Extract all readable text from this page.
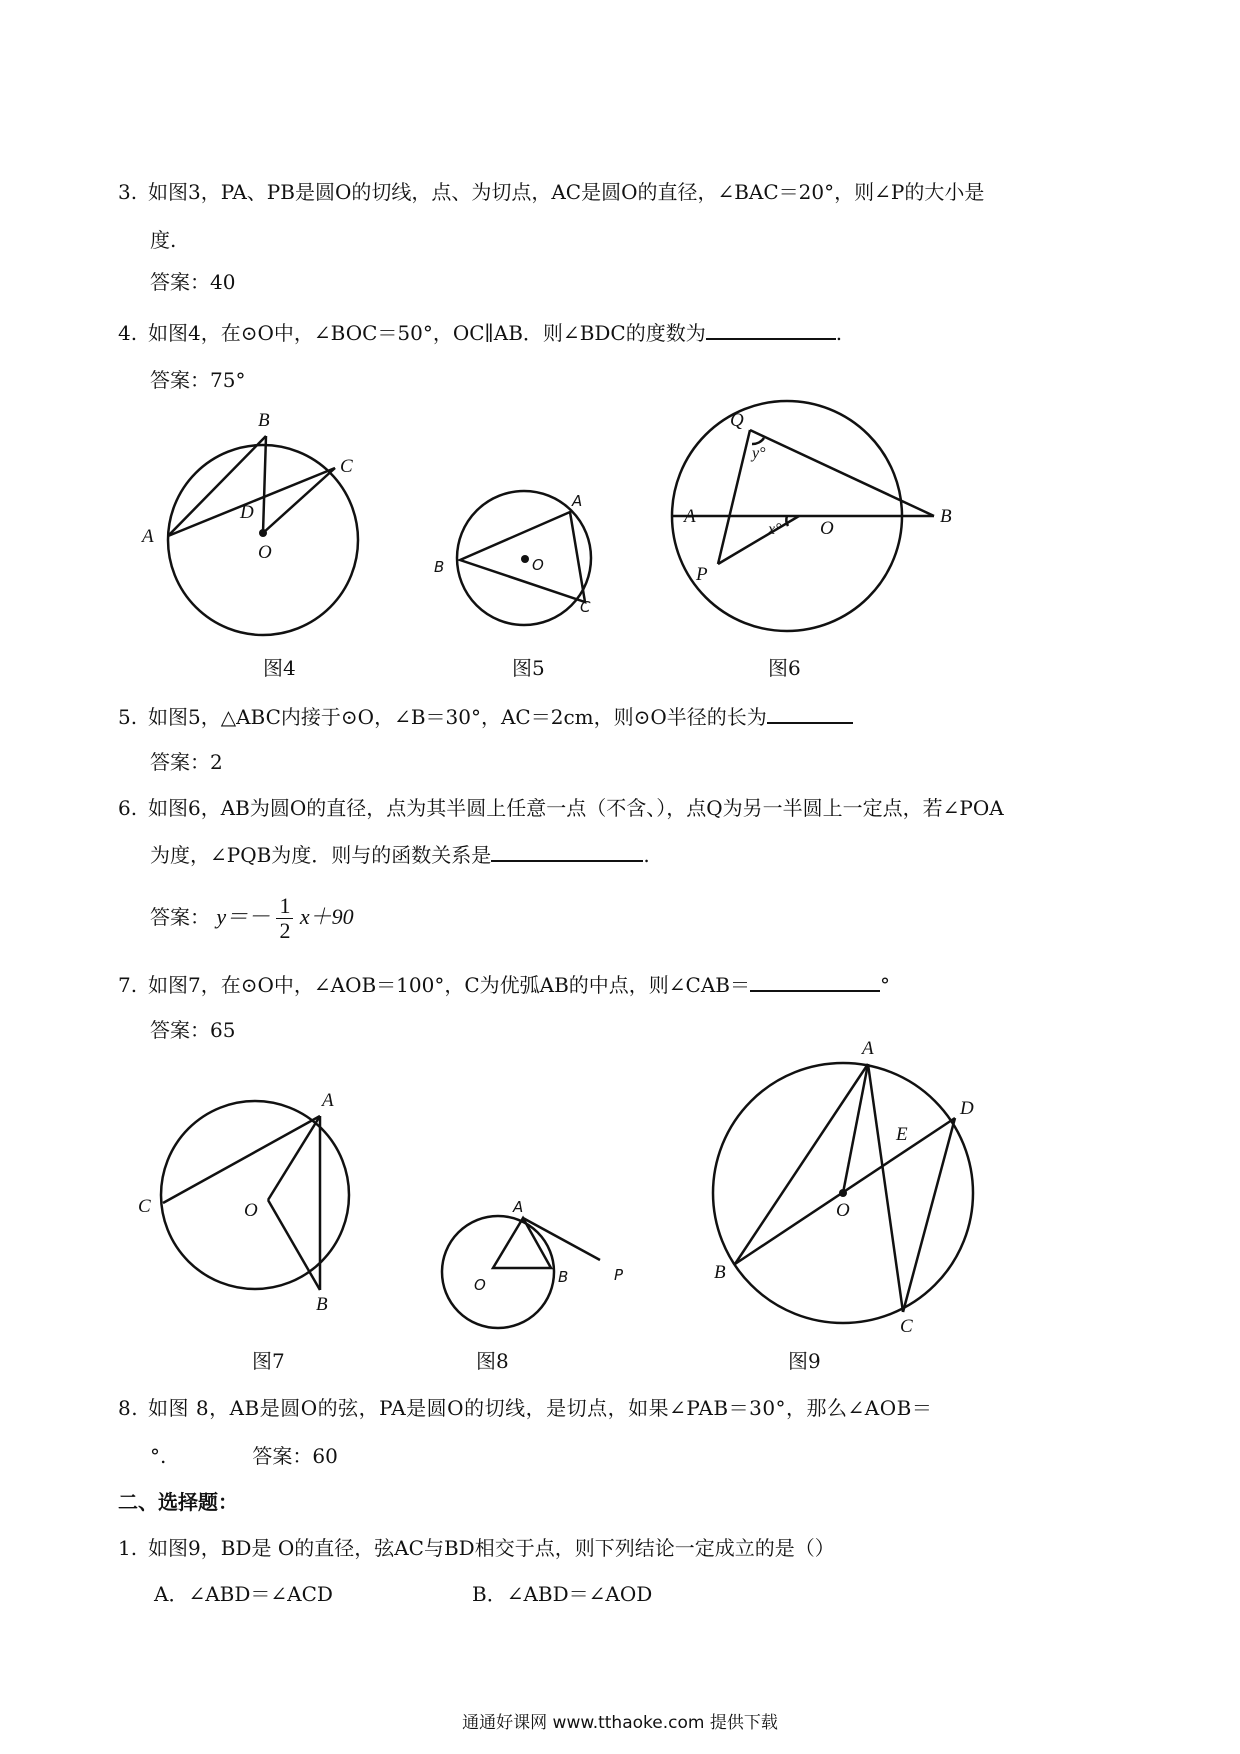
3. 如图3，PA、PB是圆O的切线，点、为切点，AC是圆O的直径，∠BAC＝20°，则∠P的大小是
度.
答案：40
4. 如图4，在⊙O中，∠BOC＝50°，OC∥AB．则∠BDC的度数为	.
答案：75°
B
C
A
D
O
A
B
C
O
Q
y°
A
x° O
B
P
图4	图5	图6
5. 如图5，△ABC内接于⊙O，∠B＝30°，AC＝2cm，则⊙O半径的长为
答案：2
6. 如图6，AB为圆O的直径，点为其半圆上任意一点（不含、），点Q为另一半圆上一定点，若∠POA
为度，∠PQB为度．则与的函数关系是	.
答案： $y=- \frac{1}{2} x+90$
7. 如图7，在⊙O中，∠AOB＝100°，C为优弧AB的中点，则∠CAB＝	°
答案：65
A
C	O
B
A
O	B	P
A
D
E
O
B
C
图7	图8	图9
8. 如图 8，AB是圆O的弦，PA是圆O的切线，是切点，如果∠PAB＝30°，那么∠AOB＝
°.	答案：60
二、选择题：
1. 如图9，BD是 O的直径，弦AC与BD相交于点，则下列结论一定成立的是（）
A．∠ABD＝∠ACD	B．∠ABD＝∠AOD
通通好课网 www.tthaoke.com 提供下载
